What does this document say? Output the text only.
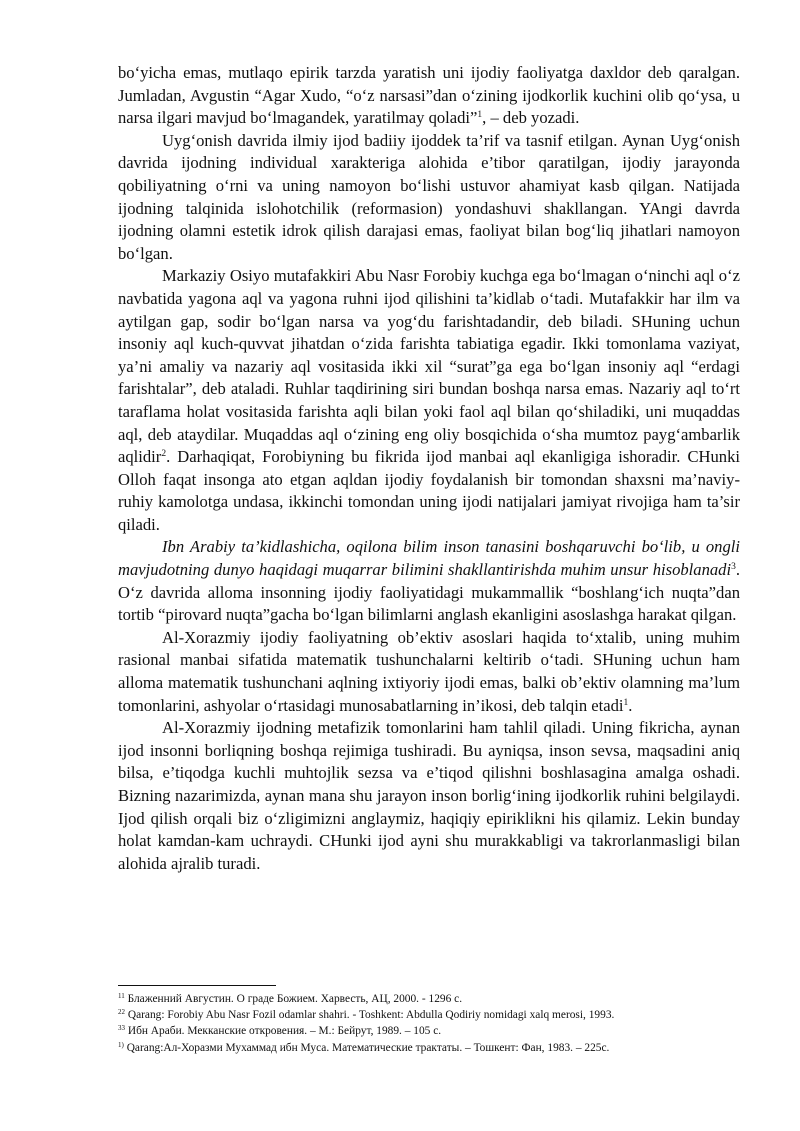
bo‘yicha emas, mutlaqo epirik tarzda yaratish uni ijodiy faoliyatga daxldor deb qaralgan. Jumladan, Avgustin “Agar Xudo, “o‘z narsasi”dan o‘zining ijodkorlik kuchini olib qo‘ysa, u narsa ilgari mavjud bo‘lmagandek, yaratilmay qoladi”$^1$, – deb yozadi.

Uyg‘onish davrida ilmiy ijod badiiy ijoddek ta’rif va tasnif etilgan. Aynan Uyg‘onish davrida ijodning individual xarakteriga alohida e’tibor qaratilgan, ijodiy jarayonda qobiliyatning o‘rni va uning namoyon bo‘lishi ustuvor ahamiyat kasb qilgan. Natijada ijodning talqinida islohotchilik (reformasion) yondashuvi shakllangan. YAngi davrda ijodning olamni estetik idrok qilish darajasi emas, faoliyat bilan bog‘liq jihatlari namoyon bo‘lgan.

Markaziy Osiyo mutafakkiri Abu Nasr Forobiy kuchga ega bo‘lmagan o‘ninchi aql o‘z navbatida yagona aql va yagona ruhni ijod qilishini ta’kidlab o‘tadi. Mutafakkir har ilm va aytilgan gap, sodir bo‘lgan narsa va yog‘du farishtadandir, deb biladi. SHuning uchun insoniy aql kuch-quvvat jihatdan o‘zida farishta tabiatiga egadir. Ikki tomonlama vaziyat, ya’ni amaliy va nazariy aql vositasida ikki xil “surat”ga ega bo‘lgan insoniy aql “erdagi farishtalar”, deb ataladi. Ruhlar taqdirining siri bundan boshqa narsa emas. Nazariy aql to‘rt taraflama holat vositasida farishta aqli bilan yoki faol aql bilan qo‘shiladiki, uni muqaddas aql, deb ataydilar. Muqaddas aql o‘zining eng oliy bosqichida o‘sha mumtoz payg‘ambarlik aqlidir$^2$. Darhaqiqat, Forobiyning bu fikrida ijod manbai aql ekanligiga ishoradir. CHunki Olloh faqat insonga ato etgan aqldan ijodiy foydalanish bir tomondan shaxsni ma’naviy-ruhiy kamolotga undasa, ikkinchi tomondan uning ijodi natijalari jamiyat rivojiga ham ta’sir qiladi.

Ibn Arabiy ta’kidlashicha, oqilona bilim inson tanasini boshqaruvchi bo‘lib, u ongli mavjudotning dunyo haqidagi muqarrar bilimini shakllantirishda muhim unsur hisoblanadi$^3$. O‘z davrida alloma insonning ijodiy faoliyatidagi mukammallik “boshlang‘ich nuqta”dan tortib “pirovard nuqta”gacha bo‘lgan bilimlarni anglash ekanligini asoslashga harakat qilgan.

Al-Xorazmiy ijodiy faoliyatning ob’ektiv asoslari haqida to‘xtalib, uning muhim rasional manbai sifatida matematik tushunchalarni keltirib o‘tadi. SHuning uchun ham alloma matematik tushunchani aqlning ixtiyoriy ijodi emas, balki ob’ektiv olamning ma’lum tomonlarini, ashyolar o‘rtasidagi munosabatlarning in’ikosi, deb talqin etadi$^1$.

Al-Xorazmiy ijodning metafizik tomonlarini ham tahlil qiladi. Uning fikricha, aynan ijod insonni borliqning boshqa rejimiga tushiradi. Bu ayniqsa, inson sevsa, maqsadini aniq bilsa, e’tiqodga kuchli muhtojlik sezsa va e’tiqod qilishni boshlasagina amalga oshadi. Bizning nazarimizda, aynan mana shu jarayon inson borlig‘ining ijodkorlik ruhini belgilaydi. Ijod qilish orqali biz o‘zligimizni anglaymiz, haqiqiy epiriklikni his qilamiz. Lekin bunday holat kamdan-kam uchraydi. CHunki ijod ayni shu murakkabligi va takrorlanmasligi bilan alohida ajralib turadi.

$^{11}$ Блаженний Августин. О граде Божием. Харвесть, АЦ, 2000. - 1296 с.
$^{22}$ Qarang: Forobiy Abu Nasr Fozil odamlar shahri. - Toshkent: Abdulla Qodiriy nomidagi xalq merosi, 1993.
$^{33}$ Ибн Араби. Мекканские откровения. – М.: Бейрут, 1989. – 105 с.
$^{1)}$ Qarang:Ал-Хоразми Мухаммад ибн Муса. Математические трактаты. – Тошкент: Фан, 1983. – 225с.
